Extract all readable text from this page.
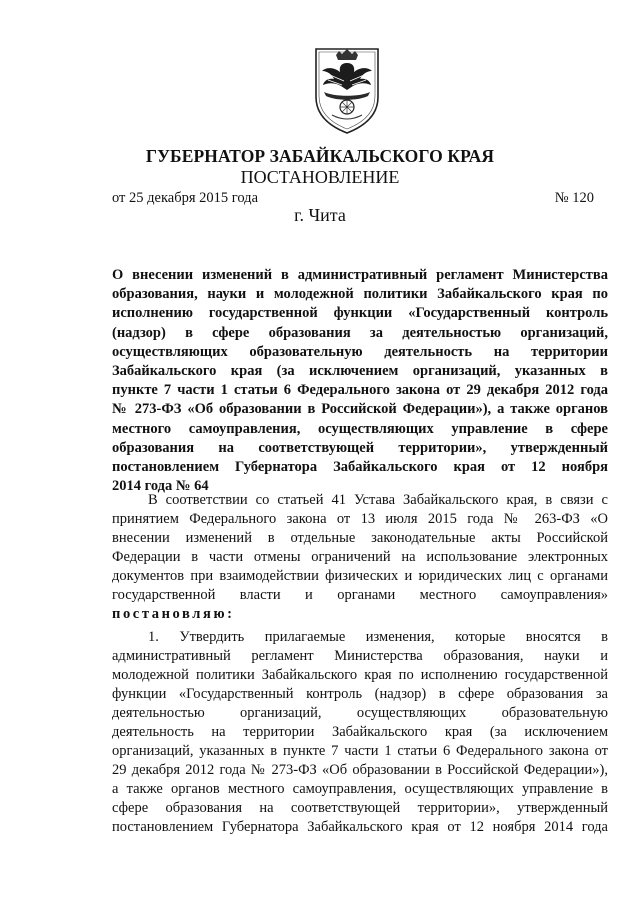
ГУБЕРНАТОР ЗАБАЙКАЛЬСКОГО КРАЯ
ПОСТАНОВЛЕНИЕ
от 25 декабря 2015 года	№ 120
г. Чита
О внесении изменений в административный регламент Министерства
образования, науки и молодежной политики Забайкальского края по
исполнению государственной функции «Государственный контроль
(надзор) в сфере образования за деятельностью организаций,
осуществляющих образовательную деятельность на территории
Забайкальского края (за исключением организаций, указанных в
пункте 7 части 1 статьи 6 Федерального закона от 29 декабря 2012 года
№ 273-ФЗ «Об образовании в Российской Федерации»), а также органов
местного самоуправления, осуществляющих управление в сфере
образования на соответствующей территории», утвержденный
постановлением Губернатора Забайкальского края от 12 ноября
2014 года № 64
В соответствии со статьей 41 Устава Забайкальского края, в связи с
принятием Федерального закона от 13 июля 2015 года № 263-ФЗ «О
внесении изменений в отдельные законодательные акты Российской
Федерации в части отмены ограничений на использование электронных
документов при взаимодействии физических и юридических лиц с органами
государственной власти и органами местного самоуправления»
постановляю:
1. Утвердить прилагаемые изменения, которые вносятся в
административный регламент Министерства образования, науки и
молодежной политики Забайкальского края по исполнению государственной
функции «Государственный контроль (надзор) в сфере образования за
деятельностью организаций, осуществляющих образовательную
деятельность на территории Забайкальского края (за исключением
организаций, указанных в пункте 7 части 1 статьи 6 Федерального закона от
29 декабря 2012 года № 273-ФЗ «Об образовании в Российской Федерации»),
а также органов местного самоуправления, осуществляющих управление в
сфере образования на соответствующей территории», утвержденный
постановлением Губернатора Забайкальского края от 12 ноября 2014 года
